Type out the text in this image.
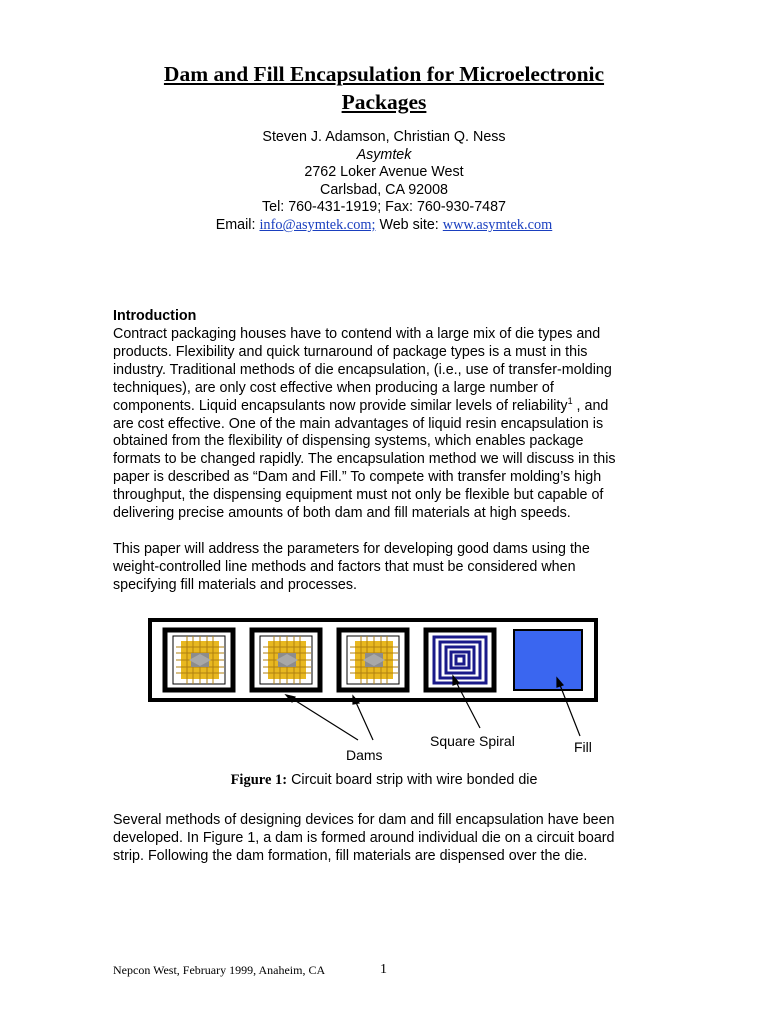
Dam and Fill Encapsulation for Microelectronic
Packages
Steven J. Adamson, Christian Q. Ness
Asymtek
2762 Loker Avenue West
Carlsbad, CA 92008
Tel: 760-431-1919; Fax: 760-930-7487
Email: info@asymtek.com; Web site: www.asymtek.com
Introduction
Contract packaging houses have to contend with a large mix of die types and
products. Flexibility and quick turnaround of package types is a must in this
industry. Traditional methods of die encapsulation, (i.e., use of transfer-molding
techniques), are only cost effective when producing a large number of
components. Liquid encapsulants now provide similar levels of reliability$^1$ , and
are cost effective. One of the main advantages of liquid resin encapsulation is
obtained from the flexibility of dispensing systems, which enables package
formats to be changed rapidly. The encapsulation method we will discuss in this
paper is described as “Dam and Fill.” To compete with transfer molding’s high
throughput, the dispensing equipment must not only be flexible but capable of
delivering precise amounts of both dam and fill materials at high speeds.
This paper will address the parameters for developing good dams using the
weight-controlled line methods and factors that must be considered when
specifying fill materials and processes.
Dams
Square Spiral	Fill
Figure 1: Circuit board strip with wire bonded die
Several methods of designing devices for dam and fill encapsulation have been
developed. In Figure 1, a dam is formed around individual die on a circuit board
strip. Following the dam formation, fill materials are dispensed over the die.
Nepcon West, February 1999, Anaheim, CA	1
